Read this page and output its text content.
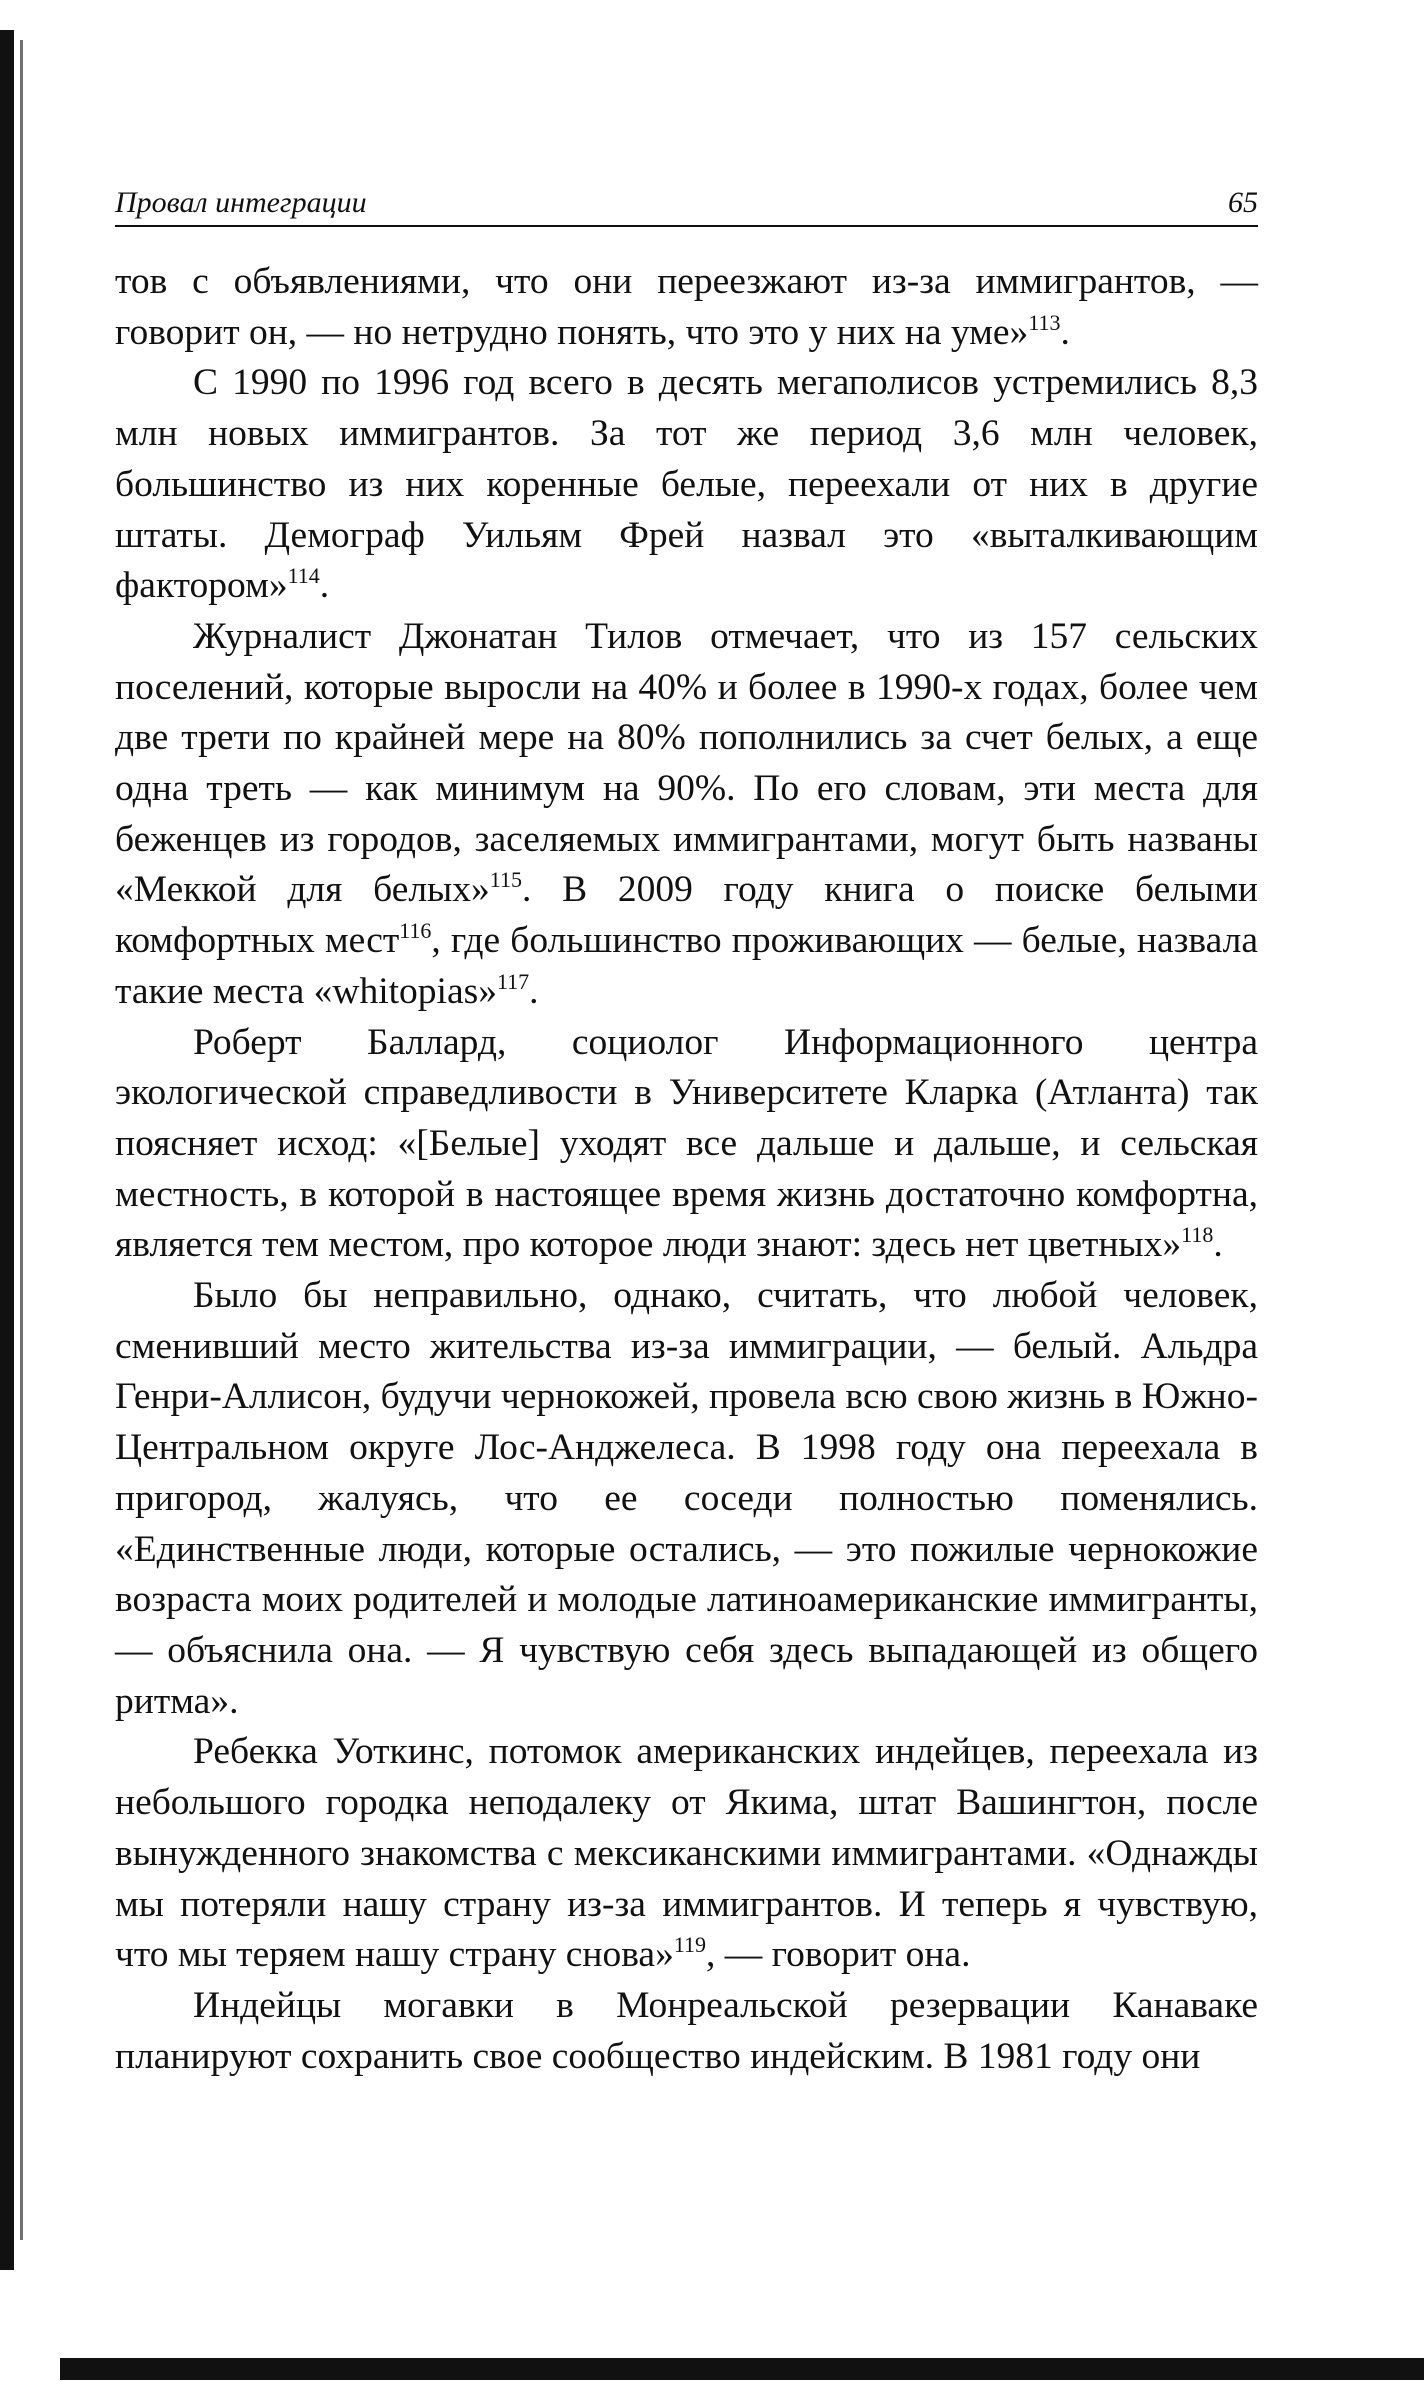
Провал интеграции	65

тов с объявлениями, что они переезжают из-за иммигрантов, — говорит он, — но нетрудно понять, что это у них на уме»$^{113}$.

С 1990 по 1996 год всего в десять мегаполисов устремились 8,3 млн новых иммигрантов. За тот же период 3,6 млн человек, большинство из них коренные белые, переехали от них в другие штаты. Демограф Уильям Фрей назвал это «выталкивающим фактором»$^{114}$.

Журналист Джонатан Тилов отмечает, что из 157 сельских поселений, которые выросли на 40% и более в 1990-х годах, более чем две трети по крайней мере на 80% пополнились за счет белых, а еще одна треть — как минимум на 90%. По его словам, эти места для беженцев из городов, заселяемых иммигрантами, могут быть названы «Меккой для белых»$^{115}$. В 2009 году книга о поиске белыми комфортных мест$^{116}$, где большинство проживающих — белые, назвала такие места «whitopias»$^{117}$.

Роберт Баллард, социолог Информационного центра экологической справедливости в Университете Кларка (Атланта) так поясняет исход: «[Белые] уходят все дальше и дальше, и сельская местность, в которой в настоящее время жизнь достаточно комфортна, является тем местом, про которое люди знают: здесь нет цветных»$^{118}$.

Было бы неправильно, однако, считать, что любой человек, сменивший место жительства из-за иммиграции, — белый. Альдра Генри-Аллисон, будучи чернокожей, провела всю свою жизнь в Южно-Центральном округе Лос-Анджелеса. В 1998 году она переехала в пригород, жалуясь, что ее соседи полностью поменялись. «Единственные люди, которые остались, — это пожилые чернокожие возраста моих родителей и молодые латиноамериканские иммигранты, — объяснила она. — Я чувствую себя здесь выпадающей из общего ритма».

Ребекка Уоткинс, потомок американских индейцев, переехала из небольшого городка неподалеку от Якима, штат Вашингтон, после вынужденного знакомства с мексиканскими иммигрантами. «Однажды мы потеряли нашу страну из-за иммигрантов. И теперь я чувствую, что мы теряем нашу страну снова»$^{119}$, — говорит она.

Индейцы могавки в Монреальской резервации Канаваке планируют сохранить свое сообщество индейским. В 1981 году они
